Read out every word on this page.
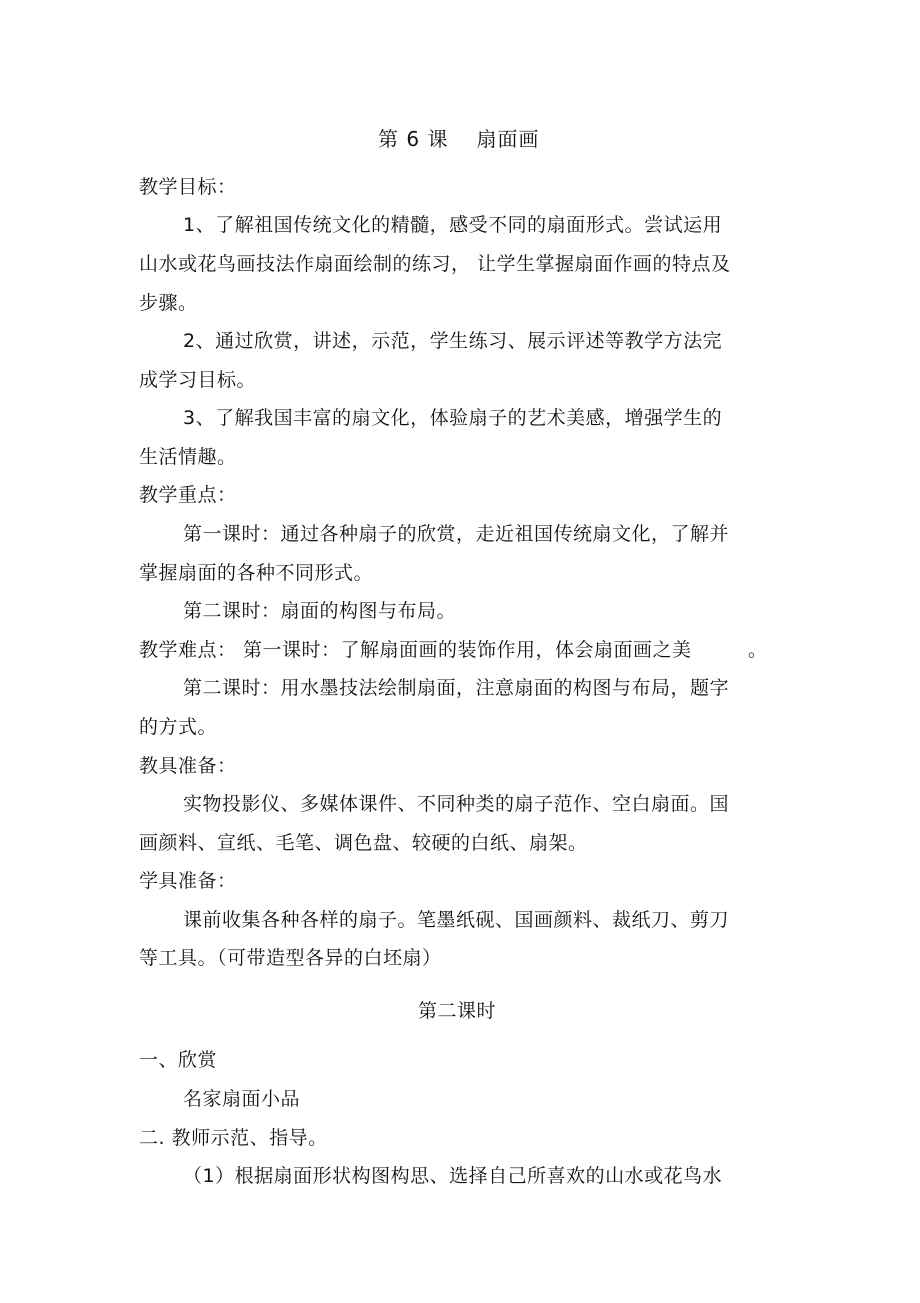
第 6 课 扇面画
教学目标：
1、了解祖国传统文化的精髓，感受不同的扇面形式。尝试运用
山水或花鸟画技法作扇面绘制的练习， 让学生掌握扇面作画的特点及
步骤。
2、通过欣赏，讲述，示范，学生练习、展示评述等教学方法完
成学习目标。
3、了解我国丰富的扇文化，体验扇子的艺术美感，增强学生的
生活情趣。
教学重点：
第一课时：通过各种扇子的欣赏，走近祖国传统扇文化，了解并
掌握扇面的各种不同形式。
第二课时：扇面的构图与布局。
教学难点： 第一课时：了解扇面画的装饰作用，体会扇面画之美	。
第二课时：用水墨技法绘制扇面，注意扇面的构图与布局，题字
的方式。
教具准备：
实物投影仪、多媒体课件、不同种类的扇子范作、空白扇面。国
画颜料、宣纸、毛笔、调色盘、较硬的白纸、扇架。
学具准备：
课前收集各种各样的扇子。笔墨纸砚、国画颜料、裁纸刀、剪刀
等工具。（可带造型各异的白坯扇）
第二课时
一、欣赏
名家扇面小品
二. 教师示范、指导。
（1）根据扇面形状构图构思、选择自己所喜欢的山水或花鸟水
